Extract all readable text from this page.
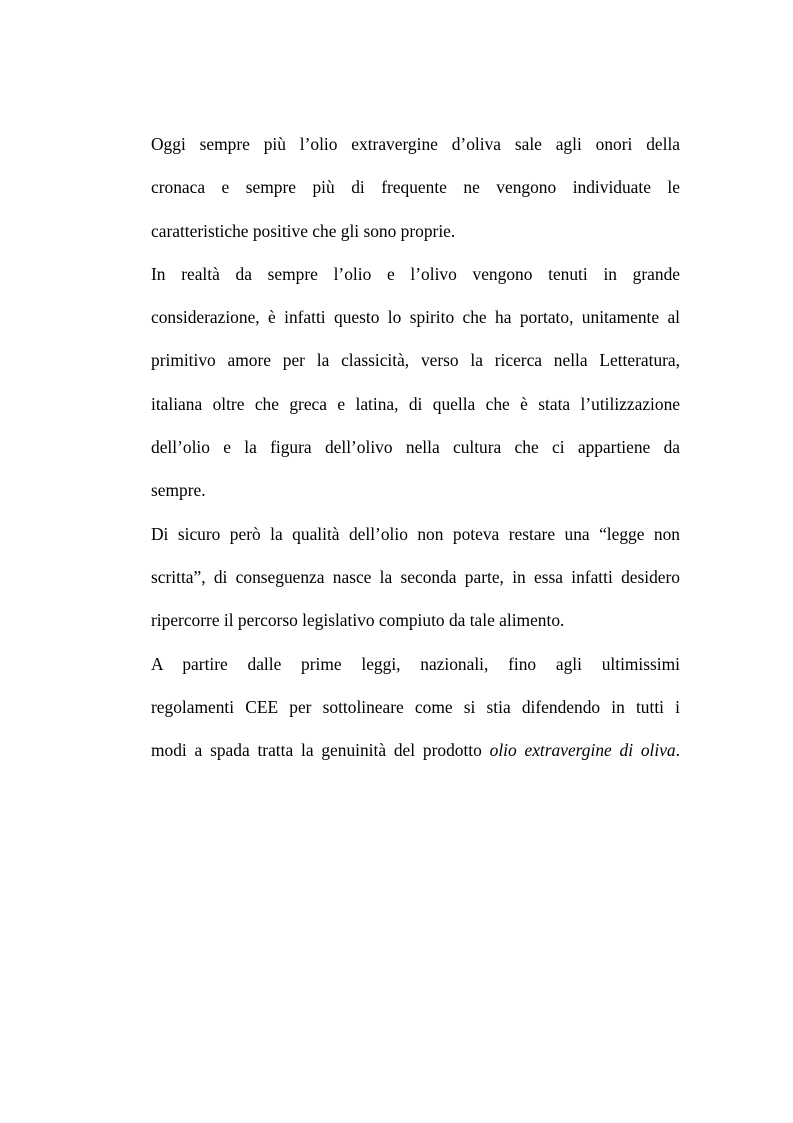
Oggi sempre più l’olio extravergine d’oliva sale agli onori della
cronaca e sempre più di frequente ne vengono individuate le
caratteristiche positive che gli sono proprie.
In realtà da sempre l’olio e l’olivo vengono tenuti in grande
considerazione, è infatti questo lo spirito che ha portato, unitamente al
primitivo amore per la classicità, verso la ricerca nella Letteratura,
italiana oltre che greca e latina, di quella che è stata l’utilizzazione
dell’olio e la figura dell’olivo nella cultura che ci appartiene da
sempre.
Di sicuro però la qualità dell’olio non poteva restare una “legge non
scritta”, di conseguenza nasce la seconda parte, in essa infatti desidero
ripercorre il percorso legislativo compiuto da tale alimento.
A partire dalle prime leggi, nazionali, fino agli ultimissimi
regolamenti CEE per sottolineare come si stia difendendo in tutti i
modi a spada tratta la genuinità del prodotto olio extravergine di oliva.
